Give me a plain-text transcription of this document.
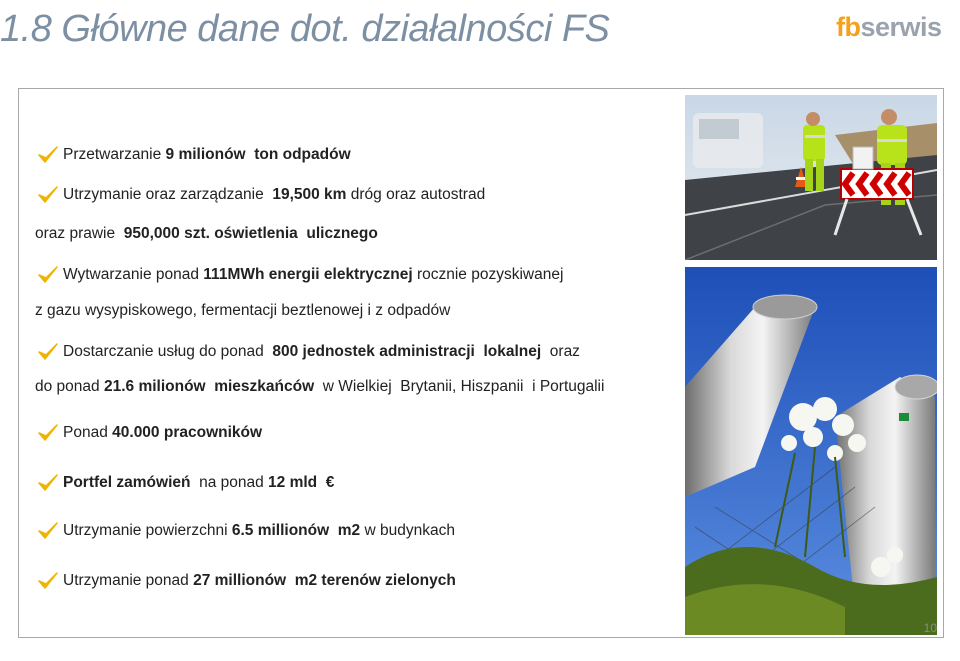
1.8 Główne dane dot. działalności FS	fbserwis
Przetwarzanie 9 milionów  ton odpadów
Utrzymanie oraz zarządzanie 19,500 km dróg oraz autostrad
oraz prawie 950,000 szt. oświetlenia  ulicznego
Wytwarzanie ponad 111MWh energii elektrycznej rocznie pozyskiwanej
z gazu wysypiskowego, fermentacji beztlenowej i z odpadów
Dostarczanie usług do ponad 800 jednostek administracji  lokalnej oraz
do ponad 21.6 milionów  mieszkańców w Wielkiej  Brytanii, Hiszpanii  i Portugalii
Ponad 40.000 pracowników
Portfel zamówień na ponad 12 mld  €
Utrzymanie powierzchni 6.5 millionów  m2 w budynkach
Utrzymanie ponad 27 millionów  m2 terenów zielonych
10
